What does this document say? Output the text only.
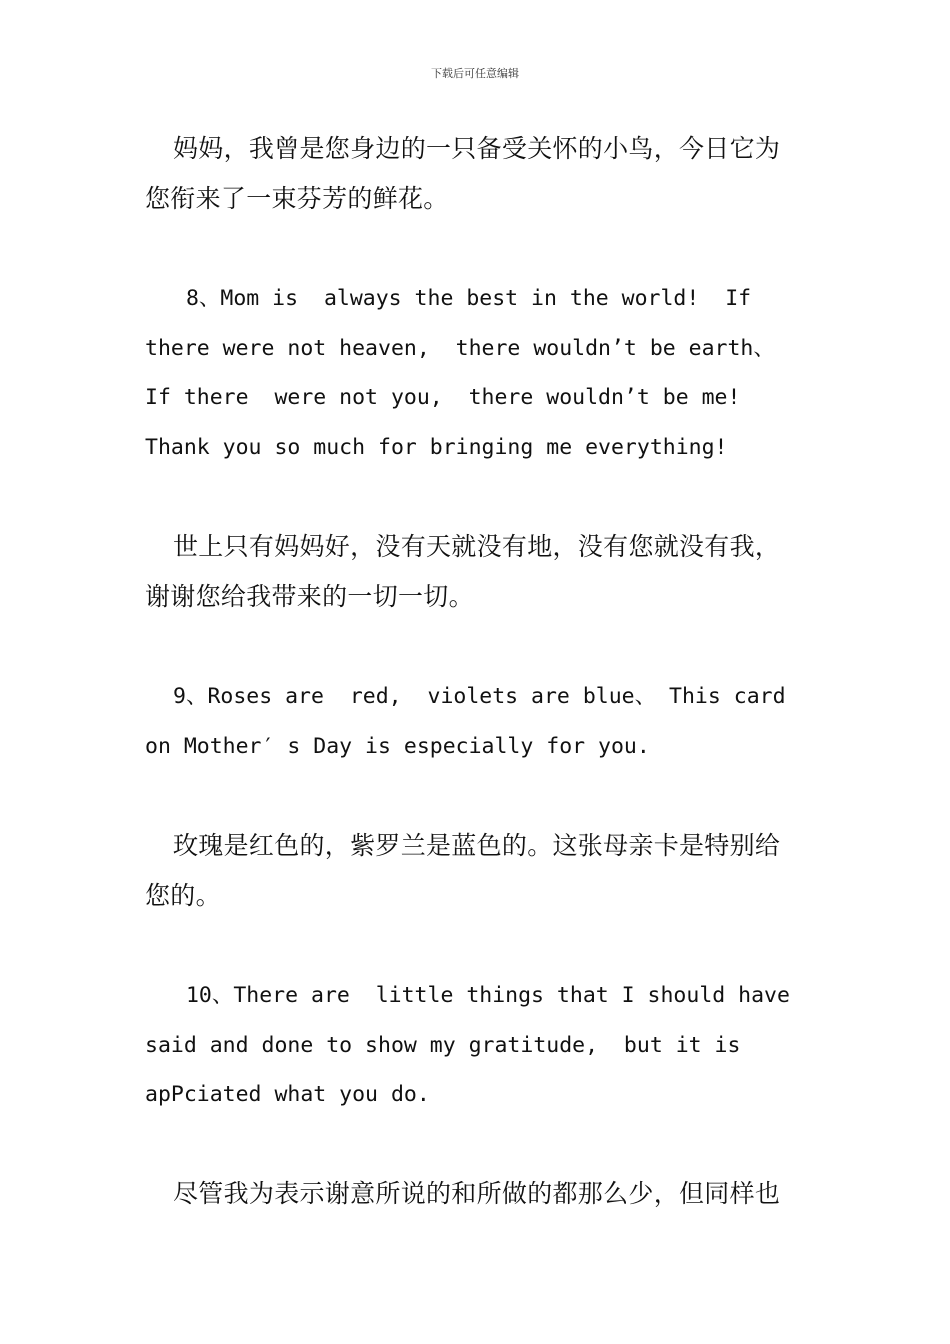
下载后可任意编辑
妈妈，我曾是您身边的一只备受关怀的小鸟，今日它为
您衔来了一束芬芳的鲜花。
8、Mom is  always the best in the world!  If
there were not heaven,  there wouldn’t be earth、
If there  were not you,  there wouldn’t be me!
Thank you so much for bringing me everything!
世上只有妈妈好，没有天就没有地，没有您就没有我，
谢谢您给我带来的一切一切。
9、Roses are  red,  violets are blue、 This card
on Mother′ s Day is especially for you.
玫瑰是红色的，紫罗兰是蓝色的。这张母亲卡是特别给
您的。
10、There are  little things that I should have
said and done to show my gratitude,  but it is
apPciated what you do.
尽管我为表示谢意所说的和所做的都那么少，但同样也
